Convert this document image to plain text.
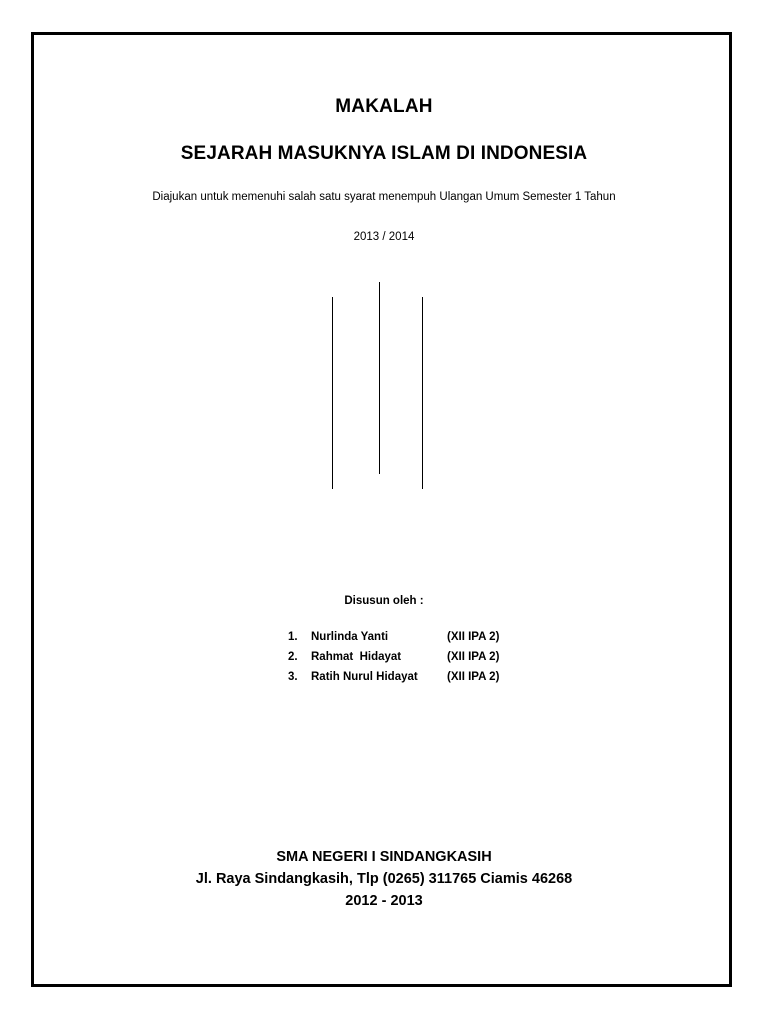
MAKALAH
SEJARAH MASUKNYA ISLAM DI INDONESIA
Diajukan untuk memenuhi salah satu syarat menempuh Ulangan Umum Semester 1 Tahun
2013 / 2014
Disusun oleh :
1. Nurlinda Yanti	(XII IPA 2)
2. Rahmat  Hidayat	(XII IPA 2)
3. Ratih Nurul Hidayat	(XII IPA 2)
SMA NEGERI I SINDANGKASIH
Jl. Raya Sindangkasih, Tlp (0265) 311765 Ciamis 46268
2012 - 2013
